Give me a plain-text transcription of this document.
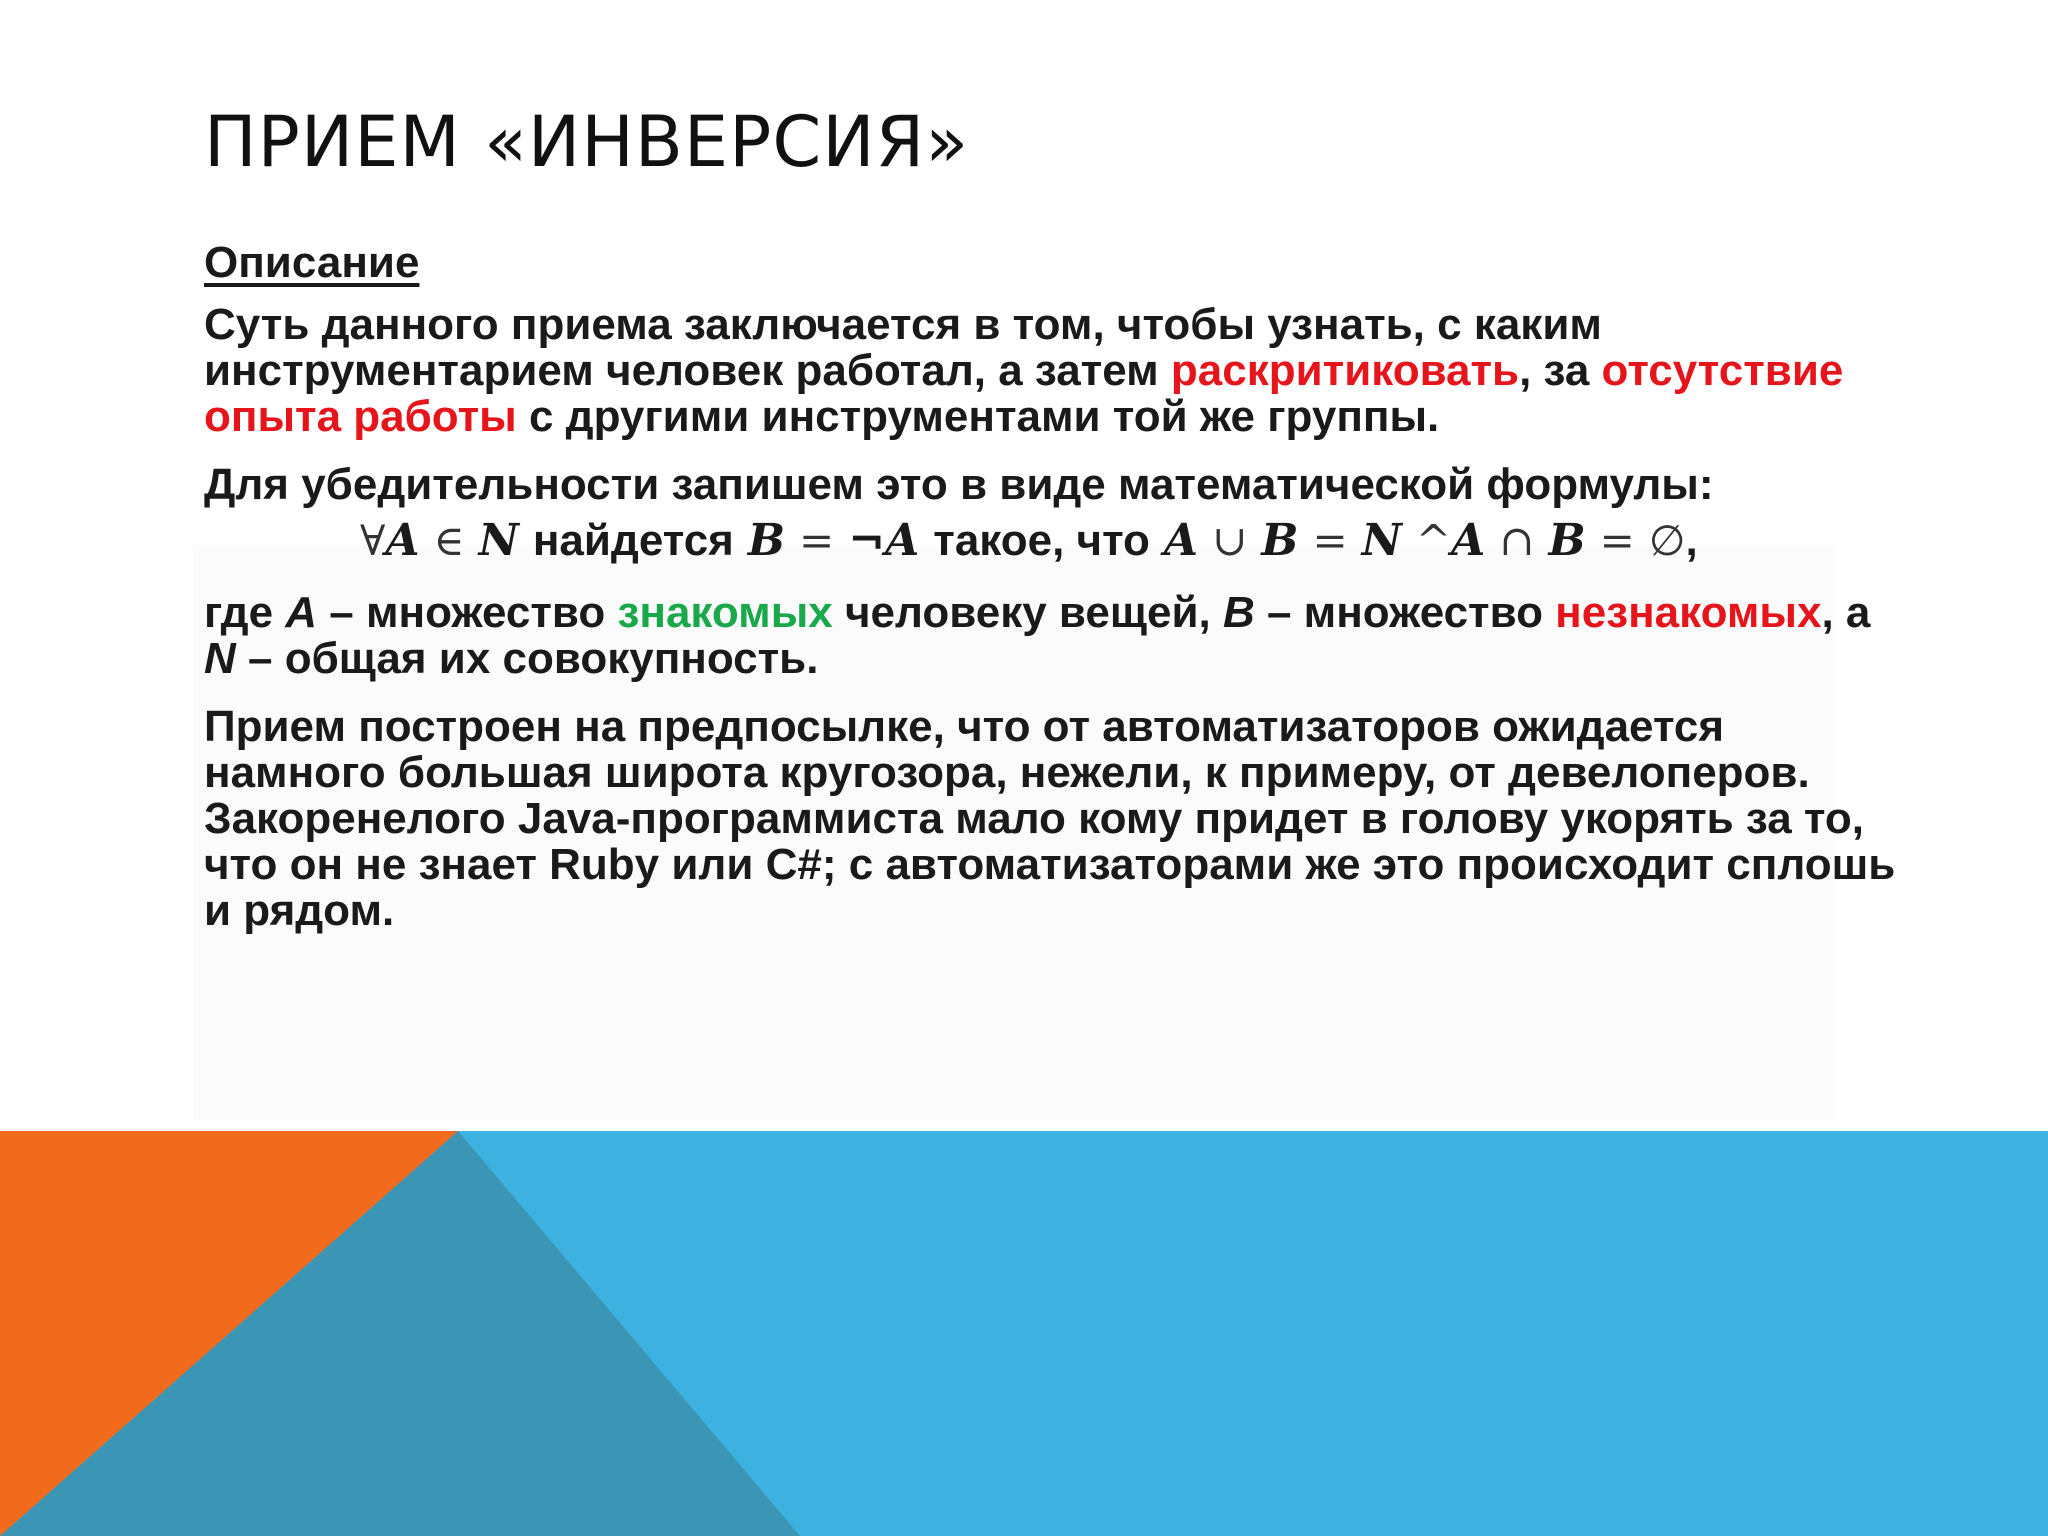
ПРИЕМ «ИНВЕРСИЯ»

Описание

Суть данного приема заключается в том, чтобы узнать, с каким инструментарием человек работал, а затем раскритиковать, за отсутствие опыта работы с другими инструментами той же группы.

Для убедительности запишем это в виде математической формулы:

∀A ∈ N найдется B = ¬A такое, что A ∪ B = N ^A ∩ B = ∅,

где A – множество знакомых человеку вещей, B – множество незнакомых, а N – общая их совокупность.

Прием построен на предпосылке, что от автоматизаторов ожидается намного большая широта кругозора, нежели, к примеру, от девелоперов. Закоренелого Java-программиста мало кому придет в голову укорять за то, что он не знает Ruby или C#; с автоматизаторами же это происходит сплошь и рядом.
